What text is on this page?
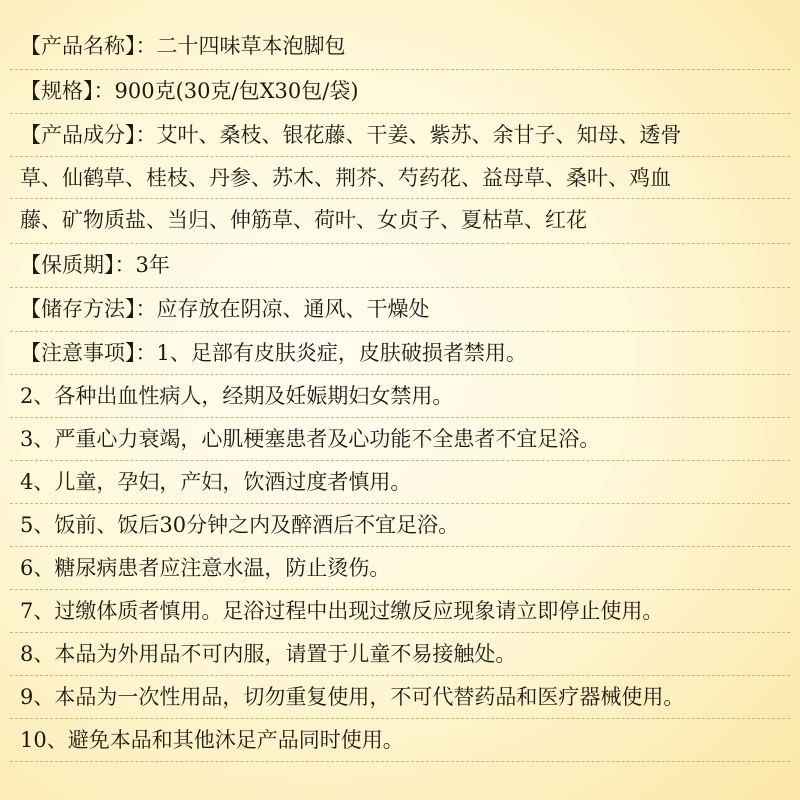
【产品名称】：二十四味草本泡脚包
【规格】：900克(30克/包X30包/袋)
【产品成分】：艾叶、桑枝、银花藤、干姜、紫苏、余甘子、知母、透骨
草、仙鹤草、桂枝、丹参、苏木、荆芥、芍药花、益母草、桑叶、鸡血
藤、矿物质盐、当归、伸筋草、荷叶、女贞子、夏枯草、红花
【保质期】：3年
【储存方法】：应存放在阴凉、通风、干燥处
【注意事项】：1、足部有皮肤炎症，皮肤破损者禁用。
2、各种出血性病人，经期及妊娠期妇女禁用。
3、严重心力衰竭，心肌梗塞患者及心功能不全患者不宜足浴。
4、儿童，孕妇，产妇，饮酒过度者慎用。
5、饭前、饭后30分钟之内及醉酒后不宜足浴。
6、糖尿病患者应注意水温，防止烫伤。
7、过缴体质者慎用。足浴过程中出现过缴反应现象请立即停止使用。
8、本品为外用品不可内服，请置于儿童不易接触处。
9、本品为一次性用品，切勿重复使用，不可代替药品和医疗器械使用。
10、避免本品和其他沐足产品同时使用。
